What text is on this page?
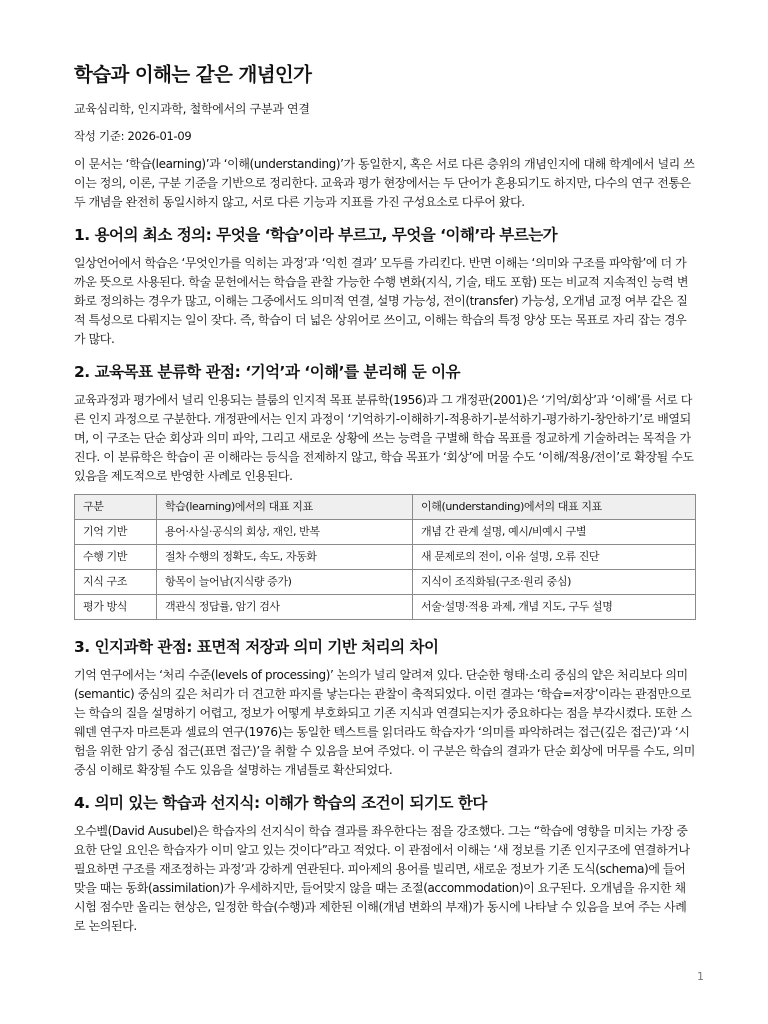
학습과 이해는 같은 개념인가
교육심리학, 인지과학, 철학에서의 구분과 연결
작성 기준: 2026-01-09

이 문서는 ‘학습(learning)’과 ‘이해(understanding)’가 동일한지, 혹은 서로 다른 층위의 개념인지에 대해 학계에서 널리 쓰이는 정의, 이론, 구분 기준을 기반으로 정리한다. 교육과 평가 현장에서는 두 단어가 혼용되기도 하지만, 다수의 연구 전통은 두 개념을 완전히 동일시하지 않고, 서로 다른 기능과 지표를 가진 구성요소로 다루어 왔다.

1. 용어의 최소 정의: 무엇을 ‘학습’이라 부르고, 무엇을 ‘이해’라 부르는가

일상언어에서 학습은 ‘무엇인가를 익히는 과정’과 ‘익힌 결과’ 모두를 가리킨다. 반면 이해는 ‘의미와 구조를 파악함’에 더 가까운 뜻으로 사용된다. 학술 문헌에서는 학습을 관찰 가능한 수행 변화(지식, 기술, 태도 포함) 또는 비교적 지속적인 능력 변화로 정의하는 경우가 많고, 이해는 그중에서도 의미적 연결, 설명 가능성, 전이(transfer) 가능성, 오개념 교정 여부 같은 질적 특성으로 다뤄지는 일이 잦다. 즉, 학습이 더 넓은 상위어로 쓰이고, 이해는 학습의 특정 양상 또는 목표로 자리 잡는 경우가 많다.

2. 교육목표 분류학 관점: ‘기억’과 ‘이해’를 분리해 둔 이유

교육과정과 평가에서 널리 인용되는 블룸의 인지적 목표 분류학(1956)과 그 개정판(2001)은 ‘기억/회상’과 ‘이해’를 서로 다른 인지 과정으로 구분한다. 개정판에서는 인지 과정이 ‘기억하기-이해하기-적용하기-분석하기-평가하기-창안하기’로 배열되며, 이 구조는 단순 회상과 의미 파악, 그리고 새로운 상황에 쓰는 능력을 구별해 학습 목표를 정교하게 기술하려는 목적을 가진다. 이 분류학은 학습이 곧 이해라는 등식을 전제하지 않고, 학습 목표가 ‘회상’에 머물 수도 ‘이해/적용/전이’로 확장될 수도 있음을 제도적으로 반영한 사례로 인용된다.

구분	학습(learning)에서의 대표 지표	이해(understanding)에서의 대표 지표
기억 기반	용어·사실·공식의 회상, 재인, 반복	개념 간 관계 설명, 예시/비예시 구별
수행 기반	절차 수행의 정확도, 속도, 자동화	새 문제로의 전이, 이유 설명, 오류 진단
지식 구조	항목이 늘어남(지식량 증가)	지식이 조직화됨(구조·원리 중심)
평가 방식	객관식 정답률, 암기 검사	서술·설명·적용 과제, 개념 지도, 구두 설명
3. 인지과학 관점: 표면적 저장과 의미 기반 처리의 차이

기억 연구에서는 ‘처리 수준(levels of processing)’ 논의가 널리 알려져 있다. 단순한 형태·소리 중심의 얕은 처리보다 의미(semantic) 중심의 깊은 처리가 더 견고한 파지를 낳는다는 관찰이 축적되었다. 이런 결과는 ‘학습=저장’이라는 관점만으로는 학습의 질을 설명하기 어렵고, 정보가 어떻게 부호화되고 기존 지식과 연결되는지가 중요하다는 점을 부각시켰다. 또한 스웨덴 연구자 마르톤과 셀료의 연구(1976)는 동일한 텍스트를 읽더라도 학습자가 ‘의미를 파악하려는 접근(깊은 접근)’과 ‘시험을 위한 암기 중심 접근(표면 접근)’을 취할 수 있음을 보여 주었다. 이 구분은 학습의 결과가 단순 회상에 머무를 수도, 의미 중심 이해로 확장될 수도 있음을 설명하는 개념틀로 확산되었다.

4. 의미 있는 학습과 선지식: 이해가 학습의 조건이 되기도 한다

오수벨(David Ausubel)은 학습자의 선지식이 학습 결과를 좌우한다는 점을 강조했다. 그는 “학습에 영향을 미치는 가장 중요한 단일 요인은 학습자가 이미 알고 있는 것이다”라고 적었다. 이 관점에서 이해는 ‘새 정보를 기존 인지구조에 연결하거나 필요하면 구조를 재조정하는 과정’과 강하게 연관된다. 피아제의 용어를 빌리면, 새로운 정보가 기존 도식(schema)에 들어맞을 때는 동화(assimilation)가 우세하지만, 들어맞지 않을 때는 조절(accommodation)이 요구된다. 오개념을 유지한 채 시험 점수만 올리는 현상은, 일정한 학습(수행)과 제한된 이해(개념 변화의 부재)가 동시에 나타날 수 있음을 보여 주는 사례로 논의된다.

1
